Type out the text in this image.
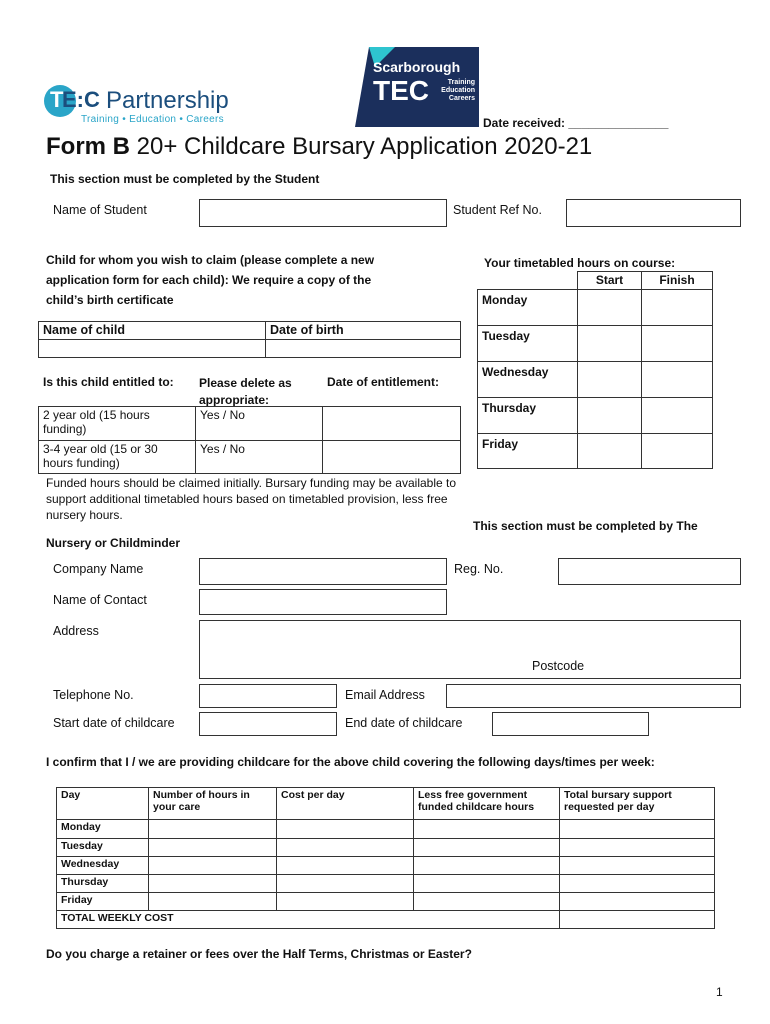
T
E:C Partnership
Training • Education • Careers
Scarborough
TEC	Training
Education
Careers
Date received: _______________
Form B 20+ Childcare Bursary Application 2020-21
This section must be completed by the Student
Name of Student	Student Ref No.
Child for whom you wish to claim (please complete a new
application form for each child): We require a copy of the
child’s birth certificate
Name of child	Date of birth

Is this child entitled to: Please delete as appropriate:
Date of entitlement:
2 year old (15 hours funding)	Yes / No	
3-4 year old (15 or 30 hours funding)	Yes / No	
Funded hours should be claimed initially. Bursary funding may be available to support additional timetabled hours based on timetabled provision, less free nursery hours.
Your timetabled hours on course:
	Start	Finish
Monday		
Tuesday		
Wednesday		
Thursday		
Friday		
This section must be completed by The
Nursery or Childminder
Company Name	Reg. No.
Name of Contact
Address
Postcode
Telephone No.	Email Address
Start date of childcare	End date of childcare
I confirm that I / we are providing childcare for the above child covering the following days/times per week:
Day	Number of hours in your care	Cost per day	Less free government funded childcare hours	Total bursary support requested per day
Monday				
Tuesday				
Wednesday				
Thursday				
Friday				
TOTAL WEEKLY COST				
Do you charge a retainer or fees over the Half Terms, Christmas or Easter?
1
